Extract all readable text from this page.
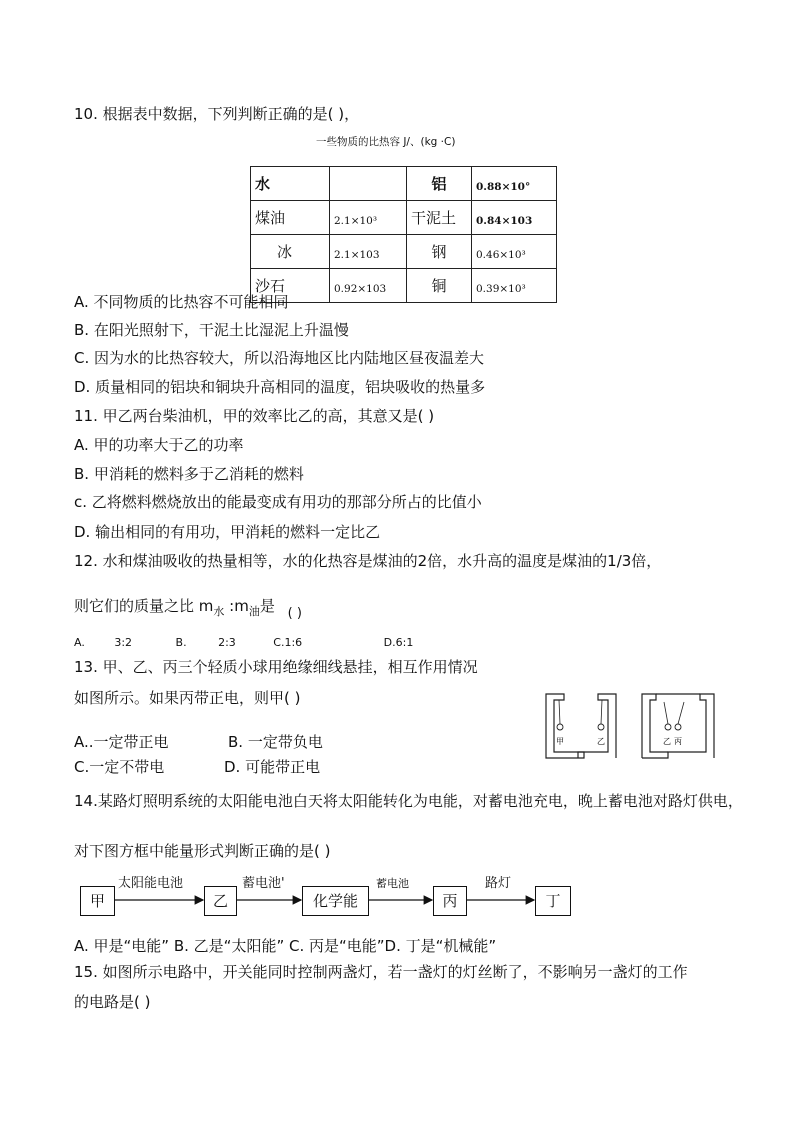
10. 根据表中数据，下列判断正确的是( )，
一些物质的比热容 J/、(kg ·C)
水		铝	0.88×10°
煤油	2.1×10³	干泥土	0.84×103
冰	2.1×103	钢	0.46×10³
沙石	0.92×103	铜	0.39×10³
A. 不同物质的比热容不可能相同
B. 在阳光照射下，干泥土比湿泥上升温慢
C. 因为水的比热容较大，所以沿海地区比内陆地区昼夜温差大
D. 质量相同的铝块和铜块升高相同的温度，铝块吸收的热量多
11. 甲乙两台柴油机，甲的效率比乙的高，其意又是( )
A. 甲的功率大于乙的功率
B. 甲消耗的燃料多于乙消耗的燃料
c. 乙将燃料燃烧放出的能最变成有用功的那部分所占的比值小
D. 输出相同的有用功，甲消耗的燃料一定比乙
12. 水和煤油吸收的热量相等，水的化热容是煤油的2倍，水升高的温度是煤油的1/3倍，
则它们的质量之比 $m_水$ $:m_油$是 ( )
A.	3:2	B.	2:3	C.1:6	D.6:1
13. 甲、乙、丙三个轻质小球用绝缘细线悬挂，相互作用情况
如图所示。如果丙带正电，则甲( )
A..一定带正电	B. 一定带负电
C.一定不带电	D. 可能带正电
甲	乙	乙 丙
14.某路灯照明系统的太阳能电池白天将太阳能转化为电能，对蓄电池充电，晚上蓄电池对路灯供电，
对下图方框中能量形式判断正确的是( )
甲	乙	化学能	丙	丁
太阳能电池	蓄电池'	蓄电池	路灯
A. 甲是“电能” B. 乙是“太阳能” C. 丙是“电能”D. 丁是“机械能”
15. 如图所示电路中，开关能同时控制两盏灯，若一盏灯的灯丝断了，不影响另一盏灯的工作
的电路是( )
